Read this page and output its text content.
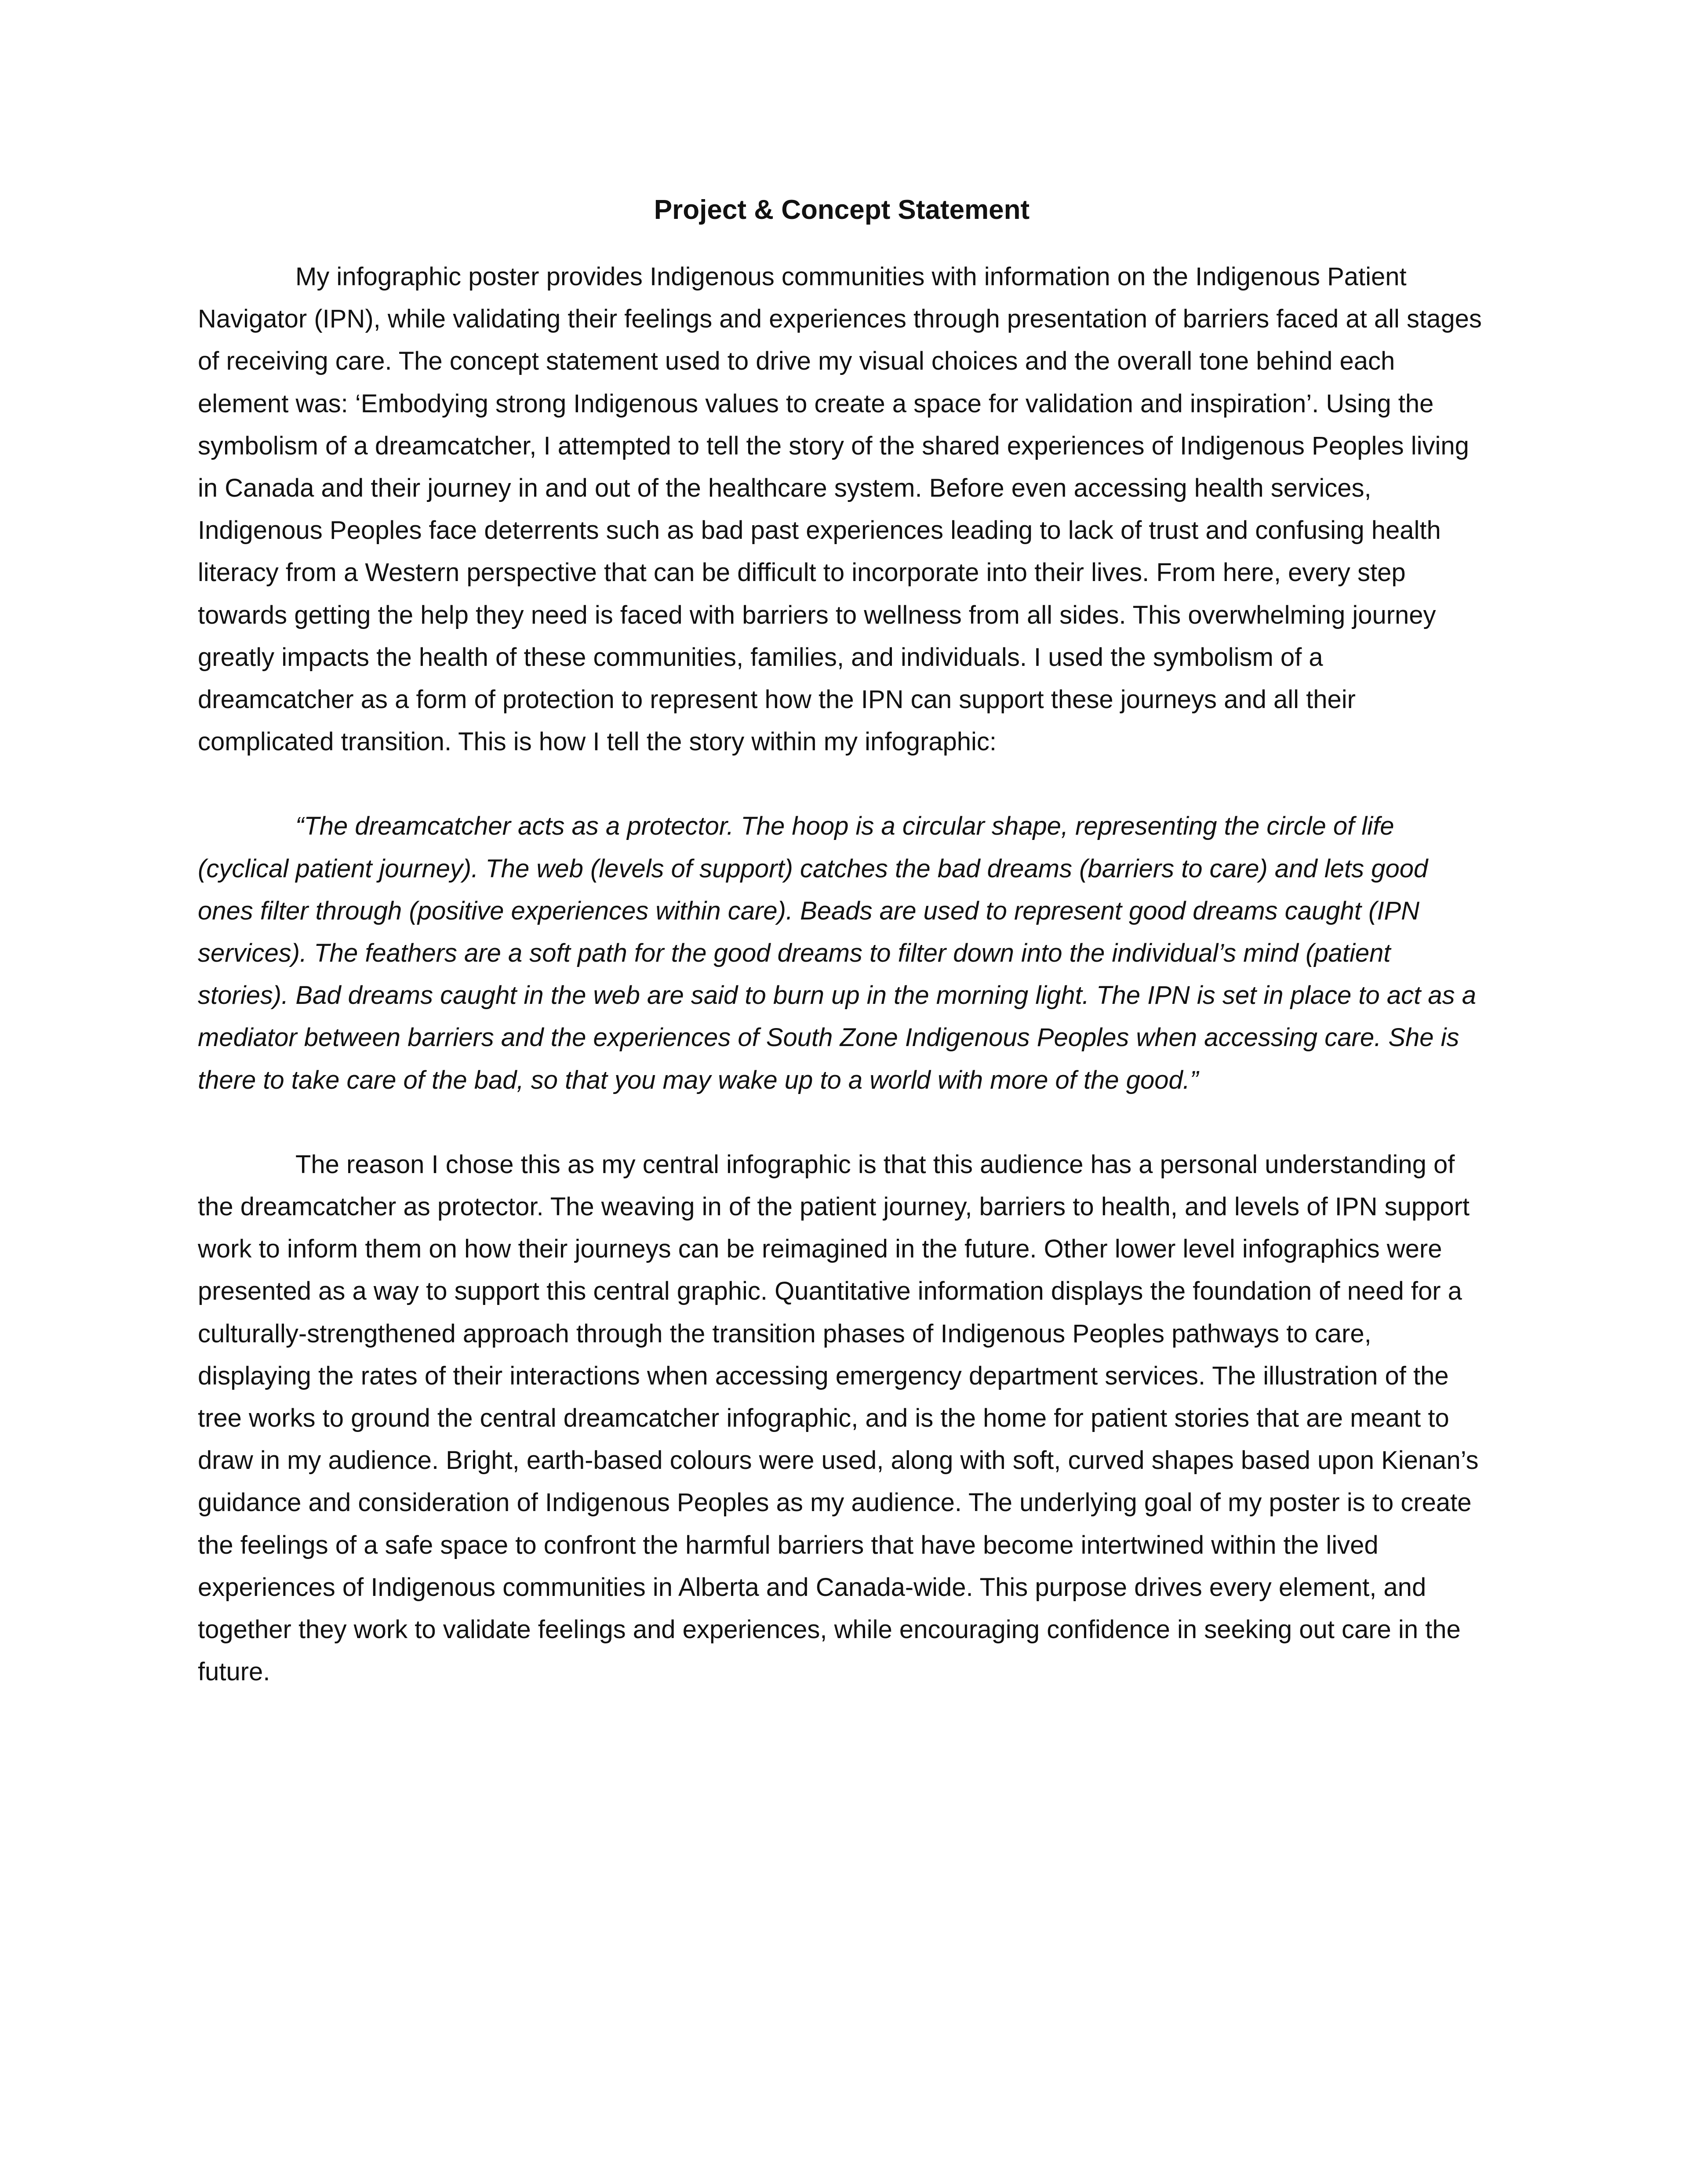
Project & Concept Statement

My infographic poster provides Indigenous communities with information on the Indigenous Patient Navigator (IPN), while validating their feelings and experiences through presentation of barriers faced at all stages of receiving care. The concept statement used to drive my visual choices and the overall tone behind each element was: ‘Embodying strong Indigenous values to create a space for validation and inspiration’. Using the symbolism of a dreamcatcher, I attempted to tell the story of the shared experiences of Indigenous Peoples living in Canada and their journey in and out of the healthcare system. Before even accessing health services, Indigenous Peoples face deterrents such as bad past experiences leading to lack of trust and confusing health literacy from a Western perspective that can be difficult to incorporate into their lives. From here, every step towards getting the help they need is faced with barriers to wellness from all sides. This overwhelming journey greatly impacts the health of these communities, families, and individuals. I used the symbolism of a dreamcatcher as a form of protection to represent how the IPN can support these journeys and all their complicated transition. This is how I tell the story within my infographic:

“The dreamcatcher acts as a protector. The hoop is a circular shape, representing the circle of life (cyclical patient journey). The web (levels of support) catches the bad dreams (barriers to care) and lets good ones filter through (positive experiences within care). Beads are used to represent good dreams caught (IPN services). The feathers are a soft path for the good dreams to filter down into the individual’s mind (patient stories). Bad dreams caught in the web are said to burn up in the morning light. The IPN is set in place to act as a mediator between barriers and the experiences of South Zone Indigenous Peoples when accessing care. She is there to take care of the bad, so that you may wake up to a world with more of the good.”

The reason I chose this as my central infographic is that this audience has a personal understanding of the dreamcatcher as protector. The weaving in of the patient journey, barriers to health, and levels of IPN support work to inform them on how their journeys can be reimagined in the future. Other lower level infographics were presented as a way to support this central graphic. Quantitative information displays the foundation of need for a culturally-strengthened approach through the transition phases of Indigenous Peoples pathways to care, displaying the rates of their interactions when accessing emergency department services. The illustration of the tree works to ground the central dreamcatcher infographic, and is the home for patient stories that are meant to draw in my audience. Bright, earth-based colours were used, along with soft, curved shapes based upon Kienan’s guidance and consideration of Indigenous Peoples as my audience. The underlying goal of my poster is to create the feelings of a safe space to confront the harmful barriers that have become intertwined within the lived experiences of Indigenous communities in Alberta and Canada-wide. This purpose drives every element, and together they work to validate feelings and experiences, while encouraging confidence in seeking out care in the future.
